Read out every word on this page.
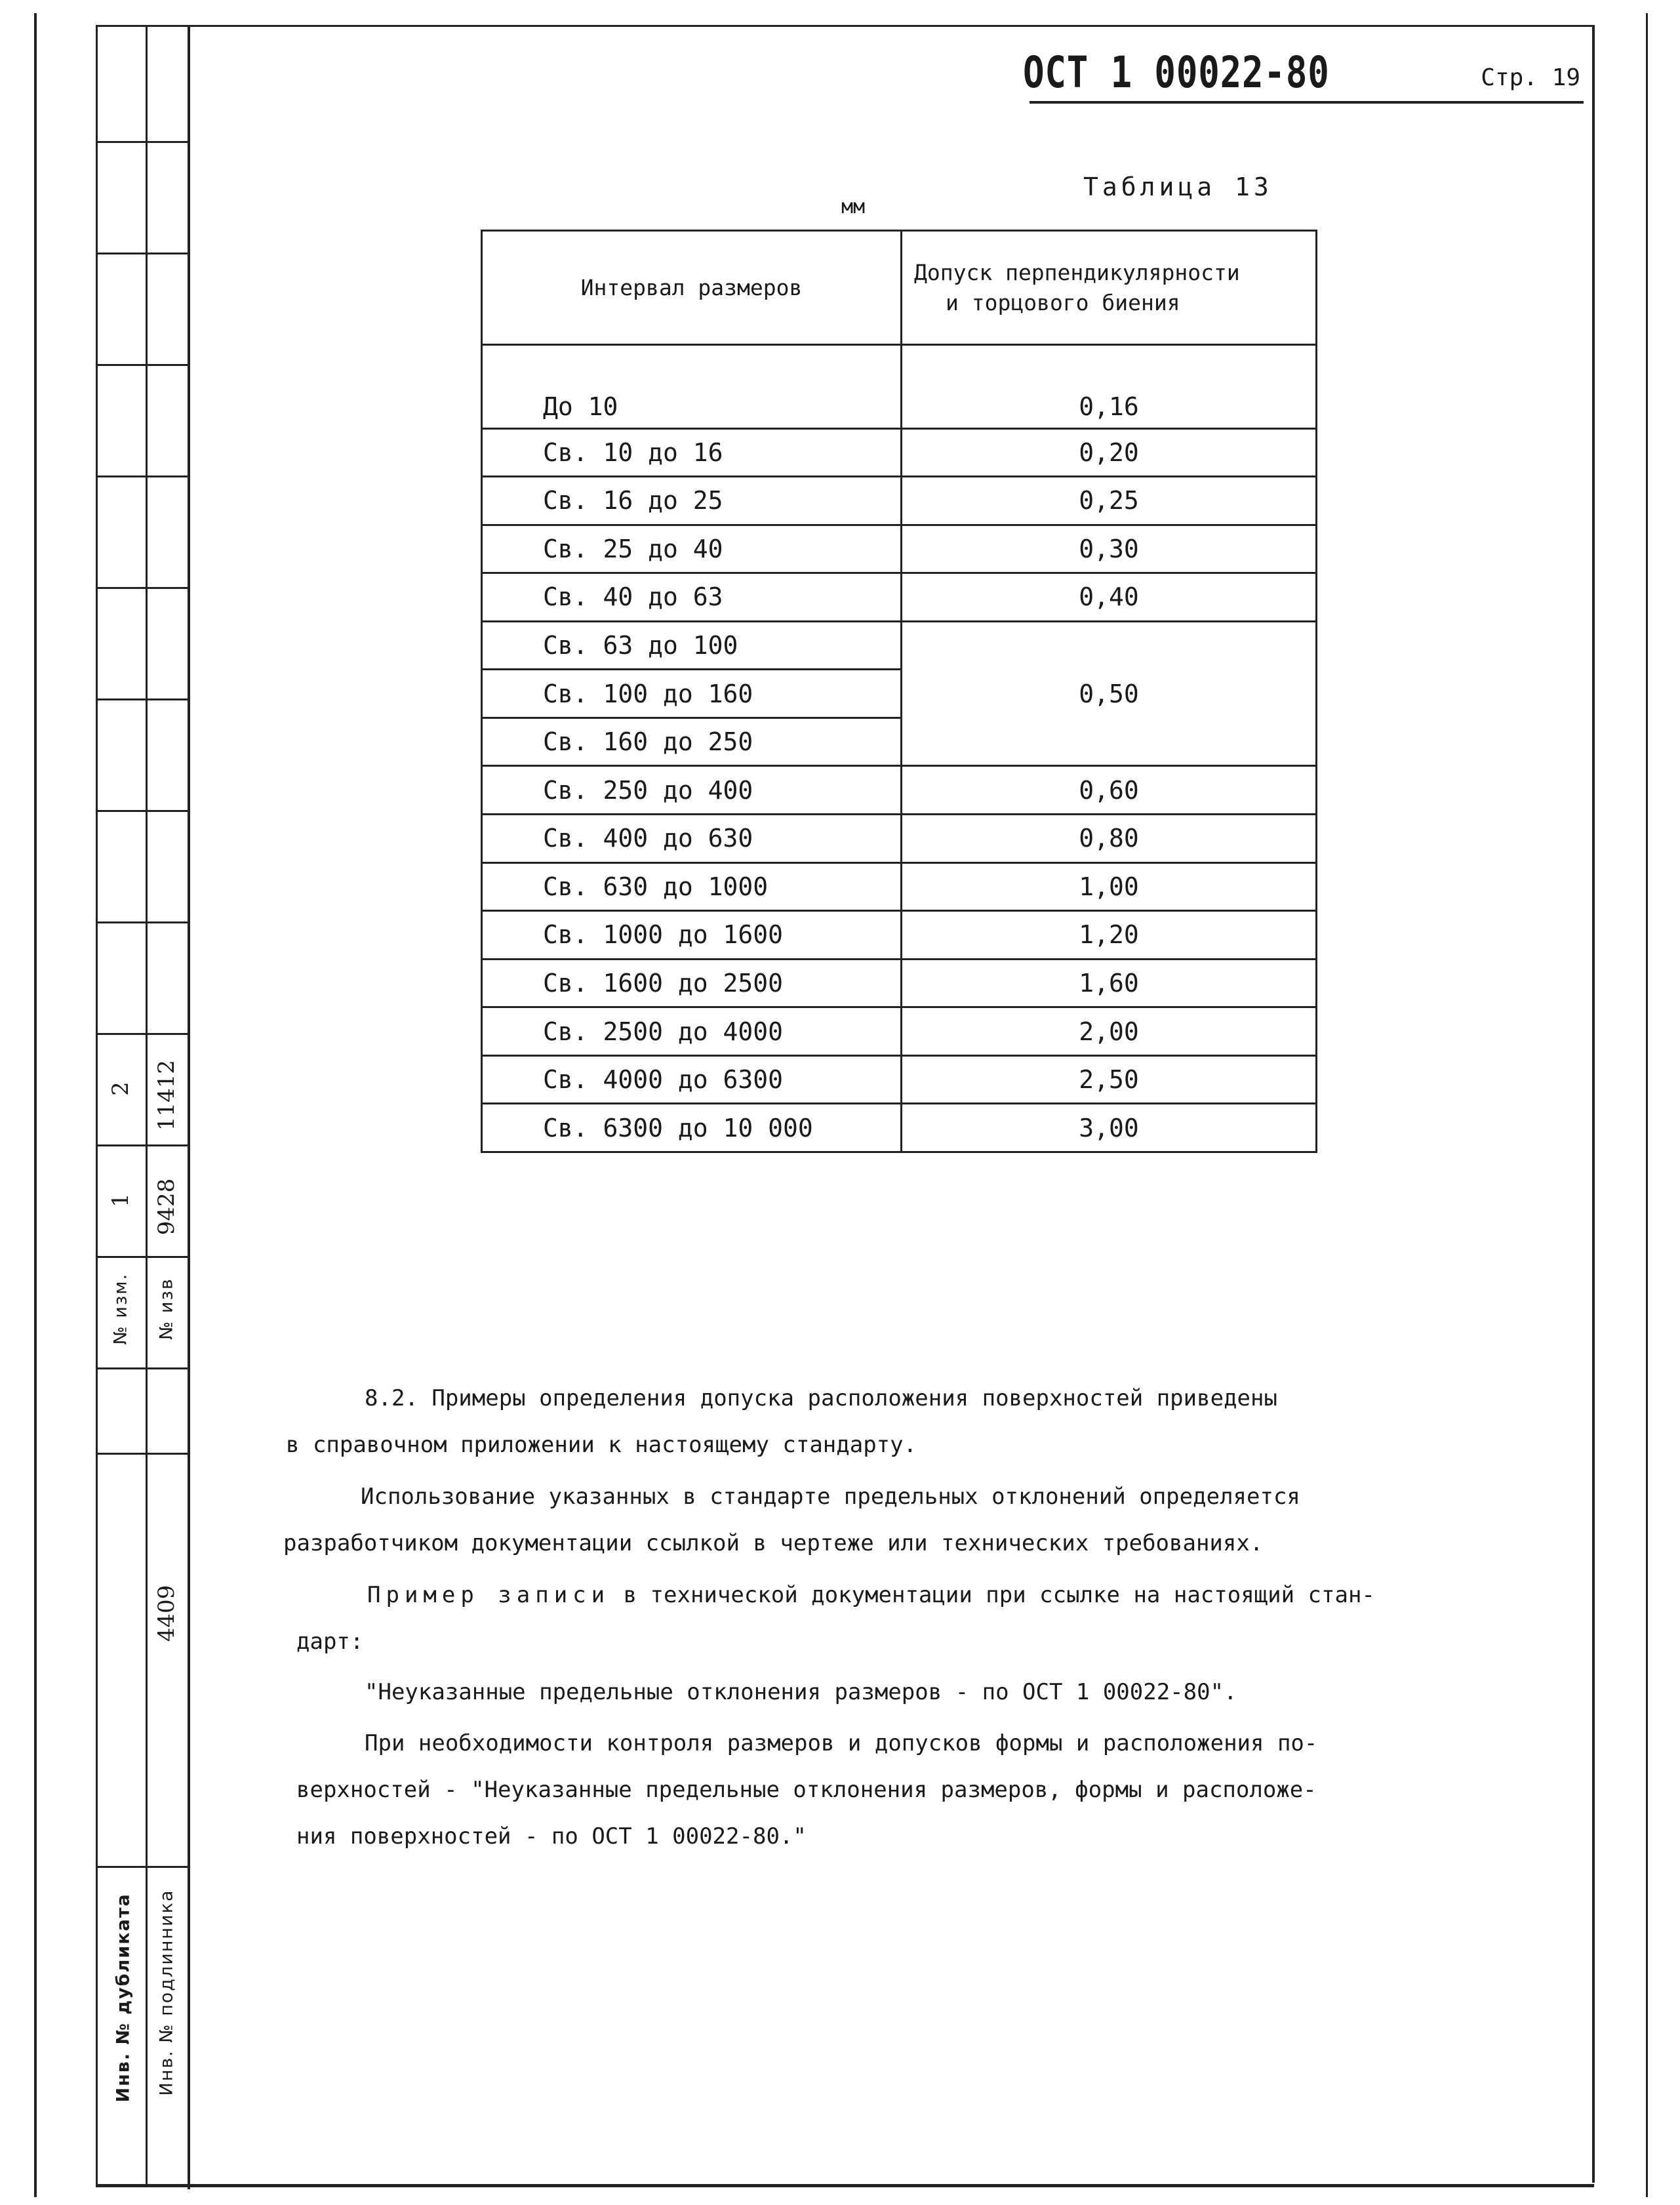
№ изм. № изв
1
2
9428
11412
4409
Инв. № подлинника
Инв. № дубликата
ОСТ 1 00022-80	Стр. 19
Таблица 13
мм
Интервал размеров	Допуск перпендикулярности
и торцового биения

До 10	0,16
Св. 10 до 16	0,20
Св. 16 до 25	0,25
Св. 25 до 40	0,30
Св. 40 до 63	0,40
Св. 63 до 100	0,50
Св. 100 до 160	
Св. 160 до 250	
Св. 250 до 400	0,60
Св. 400 до 630	0,80
Св. 630 до 1000	1,00
Св. 1000 до 1600	1,20
Св. 1600 до 2500	1,60
Св. 2500 до 4000	2,00
Св. 4000 до 6300	2,50
Св. 6300 до 10 000	3,00
8.2. Примеры определения допуска расположения поверхностей приведены
в справочном приложении к настоящему стандарту.
Использование указанных в стандарте предельных отклонений определяется
разработчиком документации ссылкой в чертеже или технических требованиях.
Пример записи в технической документации при ссылке на настоящий стан-
дарт:
"Неуказанные предельные отклонения размеров - по ОСТ 1 00022-80".
При необходимости контроля размеров и допусков формы и расположения по-
верхностей - "Неуказанные предельные отклонения размеров, формы и расположе-
ния поверхностей - по ОСТ 1 00022-80."
